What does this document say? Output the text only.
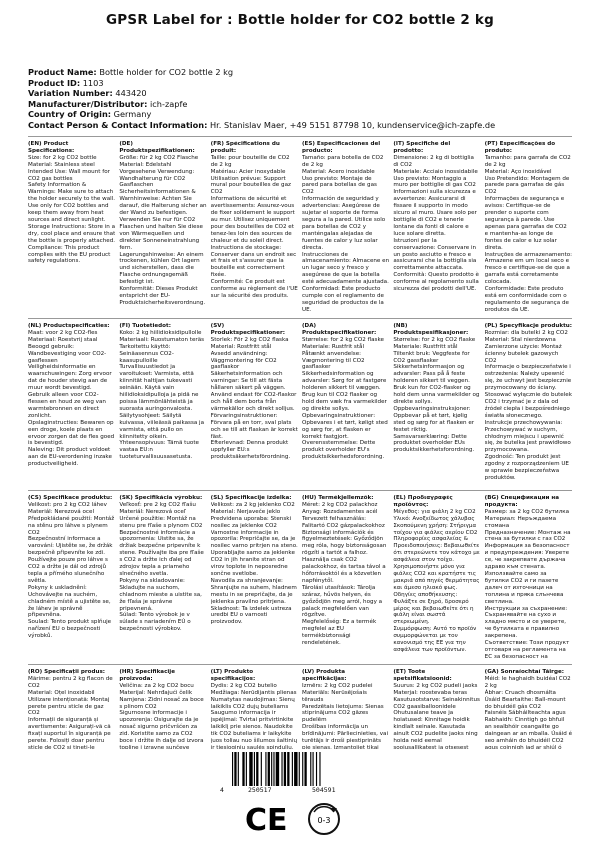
GPSR Label for : Bottle holder for CO2 bottle 2 kg
Product Name: Bottle holder for CO2 bottle 2 kg
Product ID: 1103
Variation Number: 443420
Manufacturer/Distributor: ich-zapfe
Country of Origin: Germany
Contact Person & Contact Information: Hr. Stanislav Maer, +49 5151 87798 10, kundenservice@ich-zapfe.de
(EN) Product Specifications:
Size: for 2 kg CO2 bottle
Material: Stainless steel
Intended Use: Wall mount for CO2 gas bottles
Safety Information & Warnings: Make sure to attach the holder securely to the wall. Use only for CO2 bottles and keep them away from heat sources and direct sunlight.
Storage Instructions: Store in a dry, cool place and ensure that the bottle is properly attached.
Compliance: This product complies with the EU product safety regulations.
(DE) Produktspezifikationen:
Größe: für 2 kg CO2 Flasche
Material: Edelstahl
Vorgesehene Verwendung: Wandhalterung für CO2 Gasflaschen
Sicherheitsinformationen & Warnhinweise: Achten Sie darauf, die Halterung sicher an der Wand zu befestigen. Verwenden Sie nur für CO2 Flaschen und halten Sie diese von Wärmequellen und direkter Sonneneinstrahlung fern.
Lagerungshinweise: An einem trockenen, kühlen Ort lagern und sicherstellen, dass die Flasche ordnungsgemäß befestigt ist.
Konformität: Dieses Produkt entspricht der EU-Produktsicherheitsverordnung.
(FR) Spécifications du produit:
Taille: pour bouteille de CO2 de 2 kg
Matériau: Acier inoxydable
Utilisation prévue: Support mural pour bouteilles de gaz CO2
Informations de sécurité et avertissements: Assurez-vous de fixer solidement le support au mur. Utilisez uniquement pour des bouteilles de CO2 et tenez-les loin des sources de chaleur et du soleil direct.
Instructions de stockage: Conserver dans un endroit sec et frais et s'assurer que la bouteille est correctement fixée.
Conformité: Ce produit est conforme au règlement de l'UE sur la sécurité des produits.
(ES) Especificaciones del producto:
Tamaño: para botella de CO2 de 2 kg
Material: Acero inoxidable
Uso previsto: Montaje de pared para botellas de gas CO2
Información de seguridad y advertencias: Asegúrese de sujetar el soporte de forma segura a la pared. Utilice solo para botellas de CO2 y manténgalas alejadas de fuentes de calor y luz solar directa.
Instrucciones de almacenamiento: Almacene en un lugar seco y fresco y asegúrese de que la botella esté adecuadamente ajustada.
Conformidad: Este producto cumple con el reglamento de seguridad de productos de la UE.
(IT) Specifiche del prodotto:
Dimensione: 2 kg di bottiglia di CO2
Materiale: Acciaio inossidabile
Uso previsto: Montaggio a muro per bottiglie di gas CO2
Informazioni sulla sicurezza e avvertenze: Assicurarsi di fissare il supporto in modo sicuro al muro. Usare solo per bottiglie di CO2 e tenerle lontane da fonti di calore e luce solare diretta.
Istruzioni per la conservazione: Conservare in un posto asciutto e fresco e assicurarsi che la bottiglia sia correttamente attaccata.
Conformità: Questo prodotto è conforme al regolamento sulla sicurezza dei prodotti dell'UE.
(PT) Especificações do produto:
Tamanho: para garrafa de CO2 de 2 kg
Material: Aço inoxidável
Uso Pretendido: Montagem de parede para garrafas de gás CO2
Informações de segurança e avisos: Certifique-se de prender o suporte com segurança à parede. Use apenas para garrafas de CO2 e mantenha-as longe de fontes de calor e luz solar direta.
Instruções de armazenamento: Armazene em um local seco e fresco e certifique-se de que a garrafa está corretamente colocada.
Conformidade: Este produto está em conformidade com o regulamento de segurança de produtos da UE.
(NL) Productspecificaties:
Maat: voor 2 kg CO2-fles
Materiaal: Roestvrij staal
Beoogd gebruik: Wandbevestiging voor CO2-gasflessen
Veiligheidsinformatie en waarschuwingen: Zorg ervoor dat de houder stevig aan de muur wordt bevestigd. Gebruik alleen voor CO2-flessen en houd ze weg van warmtebronnen en direct zonlicht.
Opslaginstructies: Bewaren op een droge, koele plaats en ervoor zorgen dat de fles goed is bevestigd.
Naleving: Dit product voldoet aan de EU-verordening inzake productveiligheid.
(FI) Tuotetiedot:
Koko: 2 kg hiilidioksidipullolle
Materiaali: Ruostumaton teräs
Tarkoitettu käyttö: Seinäasennus CO2-kaasupulloille
Turvallisuustiedot ja varoitukset: Varmista, että kiinnität haltijan tukevasti seinään. Käytä vain hiilidioksidipulloja ja pidä ne poissa lämmönlähteistä ja suorasta auringonvalosta.
Säilytysohjeet: Säilytä kuivassa, viileässä paikassa ja varmista, että pullo on kiinnitetty oikein.
Yhteensopivuus: Tämä tuote vastaa EU:n tuoteturvallisuusasetusta.
(SV) Produktspecifikationer:
Storlek: För 2 kg CO2 flaska
Material: Rostfritt stål
Avsedd användning: Väggmontering för CO2 gasflaskor
Säkerhetsinformation och varningar: Se till att fästa hållaren säkert på väggen. Använd endast för CO2-flaskor och håll dem borta från värmekällor och direkt solljus.
Förvaringsinstruktioner: Förvara på en torr, sval plats och se till att flaskan är korrekt fäst.
Efterlevnad: Denna produkt uppfyller EU:s produktsäkerhetsförordning.
(DA) Produktspecifikationer:
Størrelse: for 2 kg CO2 flaske
Materiale: Rustfrit stål
Påtænkt anvendelse: Vægmontering til CO2 gasflasker
Sikkerhedsinformation og advarsler: Sørg for at fastgøre holderen sikkert til væggen. Brug kun til CO2 flasker og hold dem væk fra varmekilder og direkte sollys.
Opbevaringsinstruktioner: Opbevares i et tørt, køligt sted og sørg for, at flasken er korrekt fastgjort.
Overensstemmelse: Dette produkt overholder EU's produktsikkerhedsforordning.
(NB) Produktspesifikasjoner:
Størrelse: for 2 kg CO2 flaske
Materiale: Rustfritt stål
Tiltenkt bruk: Veggfeste for CO2 gassflasker
Sikkerhetsinformasjon og advarsler: Pass på å feste holderen sikkert til veggen. Bruk kun for CO2-flasker og hold dem unna varmekilder og direkte sollys.
Oppbevaringsinstruksjoner: Oppbevar på et tørt, kjølig sted og sørg for at flasken er festet riktig.
Samsvarserklæring: Dette produktet overholder EUs produktsikkerhetsforordning.
(PL) Specyfikacje produktu:
Rozmiar: dla butelki 2 kg CO2
Materiał: Stal nierdzewna
Zamierzone użycie: Montaż ścienny butelek gazowych CO2
Informacje o bezpieczeństwie i ostrzeżenia: Należy upewnić się, że uchwyt jest bezpiecznie przymocowany do ściany. Stosować wyłącznie do butelek CO2 i trzymać je z dala od źródeł ciepła i bezpośredniego światła słonecznego.
Instrukcje przechowywania: Przechowywać w suchym, chłodnym miejscu i upewnić się, że butelka jest prawidłowo przymocowana.
Zgodność: Ten produkt jest zgodny z rozporządzeniem UE w sprawie bezpieczeństwa produktów.
(CS) Specifikace produktu:
Velikost: pro 2 kg CO2 láhev
Materiál: Nerezová ocel
Předpokládané použití: Montáž na stěnu pro láhve s plynem CO2
Bezpečnostní informace a varování: Ujistěte se, že držák bezpečně připevníte ke zdi. Používejte pouze pro láhve s CO2 a držte je dál od zdrojů tepla a přímého slunečního světla.
Pokyny k uskladnění: Uchovávejte na suchém, chladném místě a ujistěte se, že láhev je správně připevněna.
Soulad: Tento produkt splňuje nařízení EU o bezpečnosti výrobků.
(SK) Špecifikácia výrobku:
Veľkosť: pre 2 kg CO2 fľašu
Materiál: Nerezová oceľ
Určené použitie: Montáž na stenu pre fľaše s plynom CO2
Bezpečnostné informácie a upozornenia: Uistite sa, že držiak bezpečne pripevníte k stene. Používajte iba pre fľaše s CO2 a držte ich ďalej od zdrojov tepla a priameho slnečného svetla.
Pokyny na skladovanie: Skladujte na suchom, chladnom mieste a uistite sa, že fľaša je správne pripevnená.
Súlad: Tento výrobok je v súlade s nariadením EÚ o bezpečnosti výrobkov.
(SL) Specifikacije izdelka:
Velikost: za 2 kg jeklenko CO2
Material: Nerjaveče jeklo
Predvidena uporaba: Stenski nosilec za jeklenke CO2
Varnostne informacije in opozorila: Prepričajte se, da je nosilec varno pritrjen na steno. Uporabljajte samo za jeklenke CO2 in jih hranite stran od virov toplote in neposredne sončne svetlobe.
Navodila za shranjevanje: Shranjujte na suhem, hladnem mestu in se prepričajte, da je jeklenka pravilno pritrjena.
Skladnost: Ta izdelek ustreza uredbi EU o varnosti proizvodov.
(HU) Termékjellemzők:
Méret: 2 kg CO2 palackhoz
Anyag: Rozsdamentes acél
Tervezett felhasználás: Falitartó CO2 gázpalackokhoz
Biztonsági információk és figyelmeztetések: Győződjön meg róla, hogy biztonságosan rögzíti a tartót a falhoz. Használja csak CO2 palackokhoz, és tartsa távol a hőforrásoktól és a közvetlen napfénytől.
Tárolási utasítások: Tárolja száraz, hűvös helyen, és győződjön meg arról, hogy a palack megfelelően van rögzítve.
Megfelelőség: Ez a termék megfelel az EU termékbiztonsági rendeletének.
(EL) Προδιαγραφές προϊόντος:
Μέγεθος: για φιάλη 2 kg CO2
Υλικό: Ανοξείδωτος χάλυβας
Σκοπούμενη χρήση: Στήριγμα τοίχου για φιάλες αερίου CO2
Πληροφορίες ασφαλείας & Προειδοποιήσεις: Βεβαιωθείτε ότι στερεώνετε τον κάτοχο με ασφάλεια στον τοίχο. Χρησιμοποιήστε μόνο για φιάλες CO2 και κρατήστε τις μακριά από πηγές θερμότητας και άμεσο ηλιακό φως.
Οδηγίες αποθήκευσης: Φυλάξτε σε ξηρό, δροσερό μέρος και βεβαιωθείτε ότι η φιάλη είναι σωστά στερεωμένη.
Συμμόρφωση: Αυτό το προϊόν συμμορφώνεται με τον κανονισμό της ΕΕ για την ασφάλεια των προϊόντων.
(BG) Спецификации на продукта:
Размер: за 2 kg CO2 бутилка
Материал: Неръждаема стомана
Предназначение: Монтаж на стена за бутилки с газ CO2
Информация за безопасност и предупреждения: Уверете се, че закрепвате държача здраво към стената. Използвайте само за бутилки CO2 и ги пазете далеч от източници на топлина и пряка слънчева светлина.
Инструкции за съхранение: Съхранявайте на сухо и хладно място и се уверете, че бутилката е правилно закрепена.
Съответствие: Този продукт отговаря на регламента на ЕС за безопасност на
(RO) Specificații produs:
Mărime: pentru 2 kg flacon de CO2
Material: Oțel inoxidabil
Utilizare intenționată: Montaj perete pentru sticle de gaz CO2
Informații de siguranță și avertismente: Asigurați-vă că fixați suportul în siguranță pe perete. Folosiți doar pentru sticle de CO2 și țineți-le
(HR) Specifikacije proizvoda:
Veličina: za 2 kg CO2 bocu
Materijal: Nehrđajući čelik
Namjena: Zidni nosač za boce s plinom CO2
Sigurnosne informacije i upozorenja: Osigurajte da je nosač sigurno pričvršćen za zid. Koristite samo za CO2 boce i držite ih dalje od izvora topline i izravne sunčeve
(LT) Produkto specifikacijos:
Dydis: 2 kg CO2 butelio
Medžiaga: Nerūdijantis plienas
Numatytas naudojimas: Sienų laikiklis CO2 dujų buteliams
Saugumo informacija ir įspėjimai: Tvirtai pritvirtinkite laikiklį prie sienos. Naudokite tik CO2 buteliams ir laikykite juos toliau nuo šilumos šaltinių ir tiesioginių saulės spindulių.
(LV) Produkta specifikācijas:
Izmērs: 2 kg CO2 pudelei
Materiāls: Nerūsējošais tērauds
Paredzētais lietojums: Sienas stiprinājums CO2 gāzes pudelēm
Drošības informācija un brīdinājumi: Pārliecinieties, vai turētājs ir droši piestiprināts pie sienas. Izmantojiet tikai
(ET) Toote spetsifikatsioonid:
Suurus: 2 kg CO2 pudeli jaoks
Materjal: roostevaba teras
Kasutusotstarve: Seinakinnitus CO2 gaasiballoonidele
Ohutusalane teave ja hoiatused: Kinnitage hoidik kindlalt seinale. Kasutada ainult CO2 pudelite jaoks ning hoida neid eemal soojusallikatest ja otsesest
(GA) Sonraíochtaí Táirge:
Méid: le haghaidh buidéal CO2 2 kg
Ábhar: Cruach dhosmálta
Úsáid Beartaithe: Ball-mount do bhuidéil gás CO2
Faisnéis Sábháilteachta agus Rabhaidh: Cinntigh go bhfuil an sealbhóir ceangailte go daingean ar an mballa. Úsáid é seo amháin do bhuidéil CO2 agus coinnigh iad ar shiúl ó
4	250517	504591
CE	0-3
